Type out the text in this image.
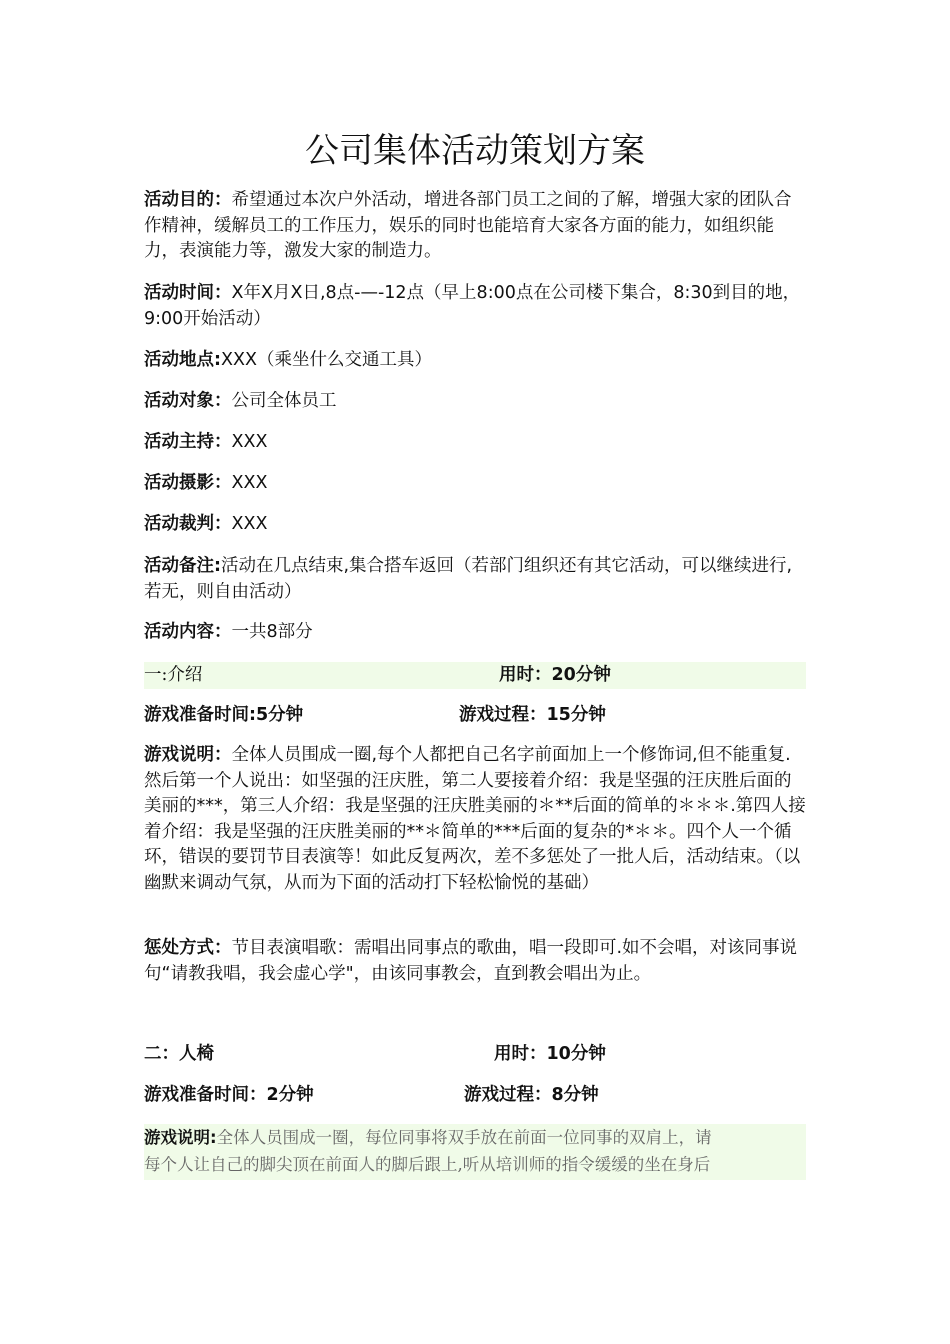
公司集体活动策划方案

活动目的：希望通过本次户外活动，增进各部门员工之间的了解，增强大家的团队合作精神，缓解员工的工作压力，娱乐的同时也能培育大家各方面的能力，如组织能力，表演能力等，激发大家的制造力。

活动时间：X年X月X日,8点-—-12点（早上8:00点在公司楼下集合，8:30到目的地，9:00开始活动）

活动地点:XXX（乘坐什么交通工具）

活动对象：公司全体员工

活动主持：XXX

活动摄影：XXX

活动裁判：XXX

活动备注:活动在几点结束,集合搭车返回（若部门组织还有其它活动，可以继续进行,若无，则自由活动）

活动内容：一共8部分

一:介绍	用时：20分钟
游戏准备时间:5分钟	游戏过程：15分钟

游戏说明：全体人员围成一圈,每个人都把自己名字前面加上一个修饰词,但不能重复.然后第一个人说出：如坚强的汪庆胜，第二人要接着介绍：我是坚强的汪庆胜后面的美丽的***，第三人介绍：我是坚强的汪庆胜美丽的＊**后面的简单的＊＊＊.第四人接着介绍：我是坚强的汪庆胜美丽的**＊简单的***后面的复杂的*＊＊。四个人一个循环，错误的要罚节目表演等！如此反复两次，差不多惩处了一批人后，活动结束。（以幽默来调动气氛，从而为下面的活动打下轻松愉悦的基础）

惩处方式：节目表演唱歌：需唱出同事点的歌曲，唱一段即可.如不会唱，对该同事说句“请教我唱，我会虚心学"，由该同事教会，直到教会唱出为止。

二：人椅	用时：10分钟
游戏准备时间：2分钟	游戏过程：8分钟
游戏说明:全体人员围成一圈，每位同事将双手放在前面一位同事的双肩上，请
每个人让自己的脚尖顶在前面人的脚后跟上,听从培训师的指令缓缓的坐在身后
